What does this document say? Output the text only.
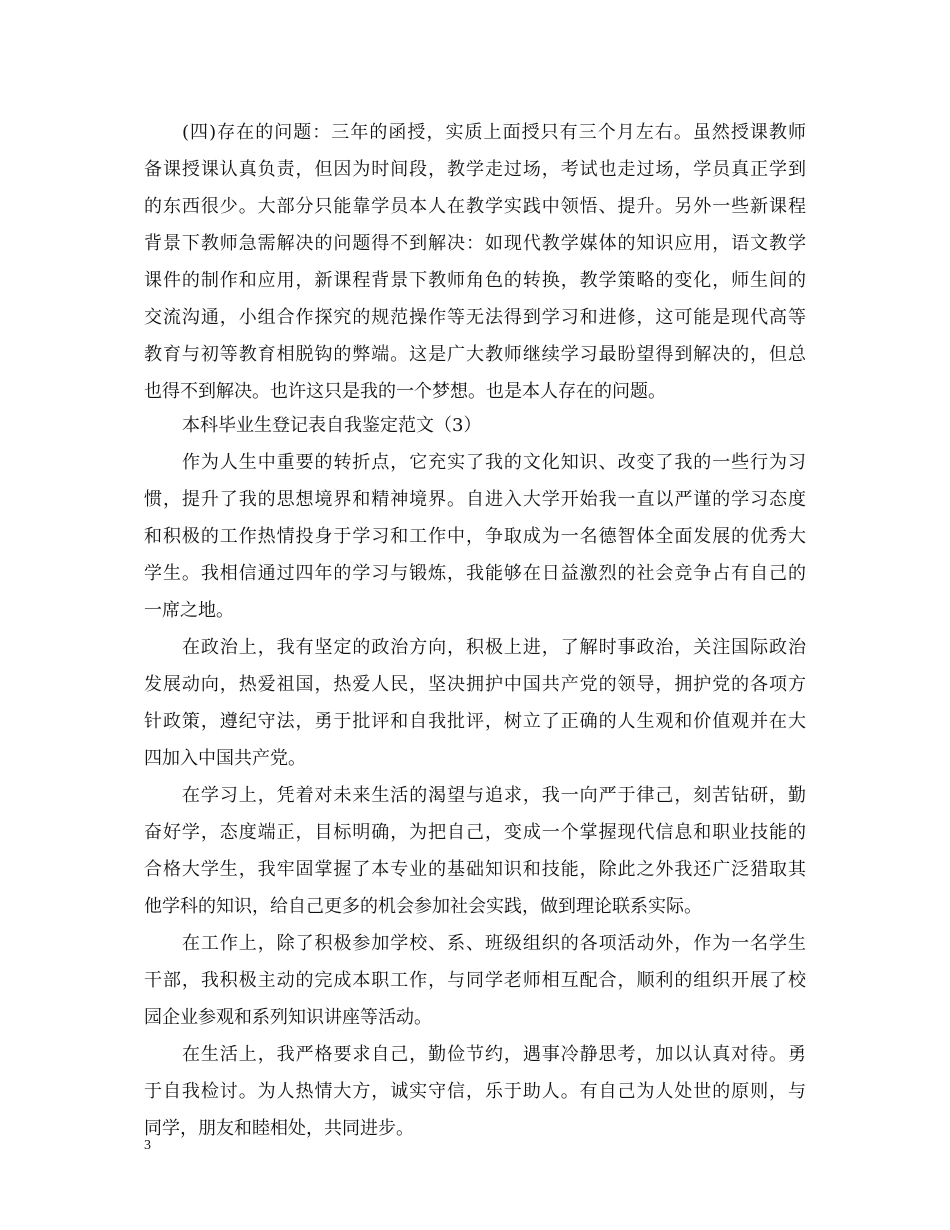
(四)存在的问题：三年的函授，实质上面授只有三个月左右。虽然授课教师
备课授课认真负责，但因为时间段，教学走过场，考试也走过场，学员真正学到
的东西很少。大部分只能靠学员本人在教学实践中领悟、提升。另外一些新课程
背景下教师急需解决的问题得不到解决：如现代教学媒体的知识应用，语文教学
课件的制作和应用，新课程背景下教师角色的转换，教学策略的变化，师生间的
交流沟通，小组合作探究的规范操作等无法得到学习和进修，这可能是现代高等
教育与初等教育相脱钩的弊端。这是广大教师继续学习最盼望得到解决的，但总
也得不到解决。也许这只是我的一个梦想。也是本人存在的问题。
本科毕业生登记表自我鉴定范文（3）
作为人生中重要的转折点，它充实了我的文化知识、改变了我的一些行为习
惯，提升了我的思想境界和精神境界。自进入大学开始我一直以严谨的学习态度
和积极的工作热情投身于学习和工作中，争取成为一名德智体全面发展的优秀大
学生。我相信通过四年的学习与锻炼，我能够在日益激烈的社会竞争占有自己的
一席之地。
在政治上，我有坚定的政治方向，积极上进，了解时事政治，关注国际政治
发展动向，热爱祖国，热爱人民，坚决拥护中国共产党的领导，拥护党的各项方
针政策，遵纪守法，勇于批评和自我批评，树立了正确的人生观和价值观并在大
四加入中国共产党。
在学习上，凭着对未来生活的渴望与追求，我一向严于律己，刻苦钻研，勤
奋好学，态度端正，目标明确，为把自己，变成一个掌握现代信息和职业技能的
合格大学生，我牢固掌握了本专业的基础知识和技能，除此之外我还广泛猎取其
他学科的知识，给自己更多的机会参加社会实践，做到理论联系实际。
在工作上，除了积极参加学校、系、班级组织的各项活动外，作为一名学生
干部，我积极主动的完成本职工作，与同学老师相互配合，顺利的组织开展了校
园企业参观和系列知识讲座等活动。
在生活上，我严格要求自己，勤俭节约，遇事冷静思考，加以认真对待。勇
于自我检讨。为人热情大方，诚实守信，乐于助人。有自己为人处世的原则，与
同学，朋友和睦相处，共同进步。
3
